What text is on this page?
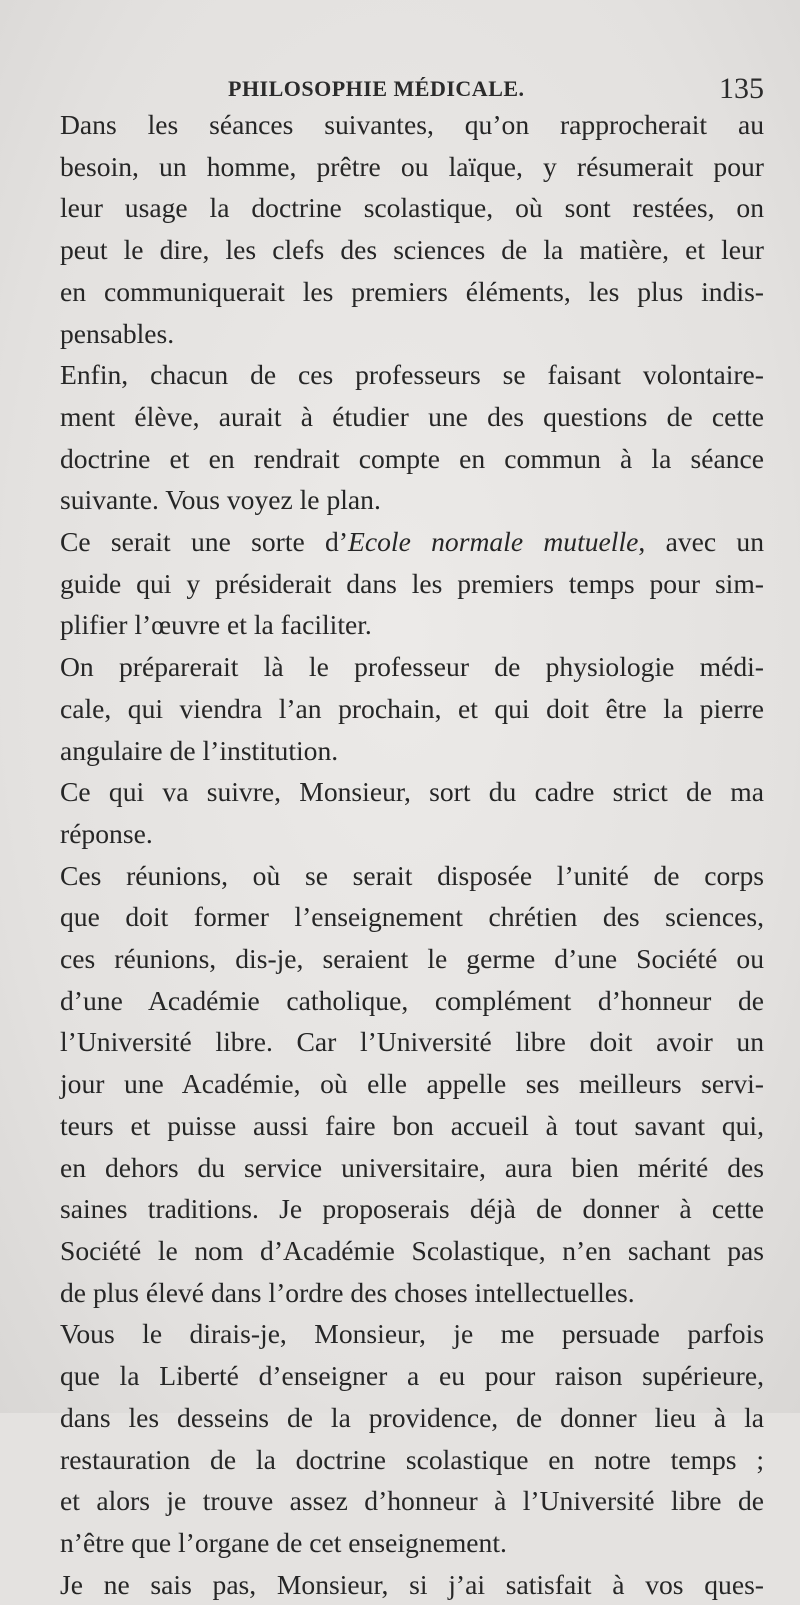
PHILOSOPHIE MÉDICALE.	135

Dans les séances suivantes, qu’on rapprocherait au
besoin, un homme, prêtre ou laïque, y résumerait pour
leur usage la doctrine scolastique, où sont restées, on
peut le dire, les clefs des sciences de la matière, et leur
en communiquerait les premiers éléments, les plus indis-
pensables.

Enfin, chacun de ces professeurs se faisant volontaire-
ment élève, aurait à étudier une des questions de cette
doctrine et en rendrait compte en commun à la séance
suivante. Vous voyez le plan.

Ce serait une sorte d’Ecole normale mutuelle, avec un
guide qui y présiderait dans les premiers temps pour sim-
plifier l’œuvre et la faciliter.

On préparerait là le professeur de physiologie médi-
cale, qui viendra l’an prochain, et qui doit être la pierre
angulaire de l’institution.

Ce qui va suivre, Monsieur, sort du cadre strict de ma
réponse.

Ces réunions, où se serait disposée l’unité de corps
que doit former l’enseignement chrétien des sciences,
ces réunions, dis-je, seraient le germe d’une Société ou
d’une Académie catholique, complément d’honneur de
l’Université libre. Car l’Université libre doit avoir un
jour une Académie, où elle appelle ses meilleurs servi-
teurs et puisse aussi faire bon accueil à tout savant qui,
en dehors du service universitaire, aura bien mérité des
saines traditions. Je proposerais déjà de donner à cette
Société le nom d’Académie Scolastique, n’en sachant pas
de plus élevé dans l’ordre des choses intellectuelles.

Vous le dirais-je, Monsieur, je me persuade parfois
que la Liberté d’enseigner a eu pour raison supérieure,
dans les desseins de la providence, de donner lieu à la
restauration de la doctrine scolastique en notre temps ;
et alors je trouve assez d’honneur à l’Université libre de
n’être que l’organe de cet enseignement.

Je ne sais pas, Monsieur, si j’ai satisfait à vos ques-
